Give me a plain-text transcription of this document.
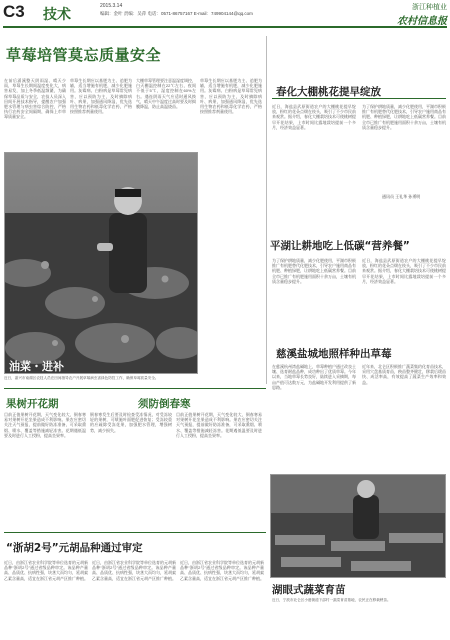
C3 技术	2015.3.14
编辑：金叶 责编：吴萍 电话：0571-86757167 E-mail：749904144@qq.com
浙江种植业
农村信息报
草莓培管莫忘质量安全
在前后涌溪整天阴雨湿、晴天少雨，草莓生长期间温度变化大，病害易发，加上冬季低温频繁，为确保草莓品质与安全，农技人员深入田间开展技术指导，提醒农户加强肥水管理与病虫害综合防控，严格执行农药安全间隔期，确保上市草莓质量安全。
草莓生长期应以基肥为主、追肥为辅，适当增施有机肥，减少化肥施用。灰霉病、白粉病是草莓常见病害，应以预防为主，及时摘除病叶、病果，加强通风降湿，优先选用生物农药和低毒化学农药，严格按照推荐剂量使用。
大棚草莓管理要注意温湿度调控，白天棚温控制在22℃左右，夜间不低于5℃，湿度控制在60%左右。遇连阴雨天气应适时通风换气，晴天中午温度过高时要及时揭膜降温，防止高温烧苗。
草莓生长期应以基肥为主、追肥为辅，适当增施有机肥，减少化肥施用。灰霉病、白粉病是草莓常见病害，应以预防为主，及时摘除病叶、病果，加强通风降湿，优先选用生物农药和低毒化学农药，严格按照推荐剂量使用。
油菜・进补
近日，嘉兴市南湖区农技人员在田间指导农户开展草莓病虫害绿色防控工作，确保草莓质量安全。
春化大棚桃花提早绽放
近日，海盐县武原街道农户的大棚桃花提早绽放，粉红的花朵点缀在枝头，吸引了不少市民前来观赏。据介绍，春化大棚栽培技术可使桃树提早开花结果，上市时间比露地栽培提前一个多月，经济效益显著。
为了保护耕地质量，减少化肥使用，平湖市积极推广有机肥替代化肥技术，引导农户施用商品有机肥、种植绿肥，让耕地吃上低碳营养餐。目前全市已推广有机肥施用面积十余万亩，土壤有机质含量稳步提升。
通讯员 王礼华 孙勇明
平湖让耕地吃上低碳“营养餐”
为了保护耕地质量，减少化肥使用，平湖市积极推广有机肥替代化肥技术，引导农户施用商品有机肥、种植绿肥，让耕地吃上低碳营养餐。目前全市已推广有机肥施用面积十余万亩，土壤有机质含量稳步提升。
近日，海盐县武原街道农户的大棚桃花提早绽放，粉红的花朵点缀在枝头，吸引了不少市民前来观赏。据介绍，春化大棚栽培技术可使桃树提早开花结果，上市时间比露地栽培提前一个多月，经济效益显著。
慈溪盐城地照样种出草莓
在慈溪杭州湾盐碱地上，草莓种植户通过改良土壤、选育耐盐品种，成功种出了优质草莓。今年以来，当地草莓长势良好，陆续进入采摘期，每亩产值可达数万元，为盐碱地开发利用提供了新思路。
近年来，北仑区积极推广蔬菜集约化育苗技术，采用穴盘基质育苗，秧苗整齐健壮，移栽后缓苗快、成活率高，有效提高了蔬菜生产效率和效益。
果树开花期	须防倒春寒
目前正值果树开花期，天气变化较大，倒春寒易对果树开花坐果造成不利影响。果农应密切关注天气预报，提前做好防冻准备，可采取熏烟、喷水、覆盖等措施减轻冻害。花期遇低温要及时进行人工授粉，提高坐果率。
倒春寒发生后要及时检查受冻情况，对受冻较轻的果树，可喷施叶面肥促进恢复；受冻较重的应疏除受冻花果，加强肥水管理，增强树势，减少损失。
目前正值果树开花期，天气变化较大，倒春寒易对果树开花坐果造成不利影响。果农应密切关注天气预报，提前做好防冻准备，可采取熏烟、喷水、覆盖等措施减轻冻害。花期遇低温要及时进行人工授粉，提高坐果率。
“浙胡2号”元胡品种通过审定
近日，由浙江省农业科学院等单位选育的元胡新品种“浙胡2号”通过省级品种审定。该品种产量高、品质优、抗病性强，块茎大而均匀，延胡索乙素含量高，适宜在浙江省元胡产区推广种植。
近日，由浙江省农业科学院等单位选育的元胡新品种“浙胡2号”通过省级品种审定。该品种产量高、品质优、抗病性强，块茎大而均匀，延胡索乙素含量高，适宜在浙江省元胡产区推广种植。
近日，由浙江省农业科学院等单位选育的元胡新品种“浙胡2号”通过省级品种审定。该品种产量高、品质优、抗病性强，块茎大而均匀，延胡索乙素含量高，适宜在浙江省元胡产区推广种植。
湖眼式蔬菜育苗
近日，宁波市北仑区小港街道下邵村一蔬菜育苗基地，农民正在移栽秧苗。
